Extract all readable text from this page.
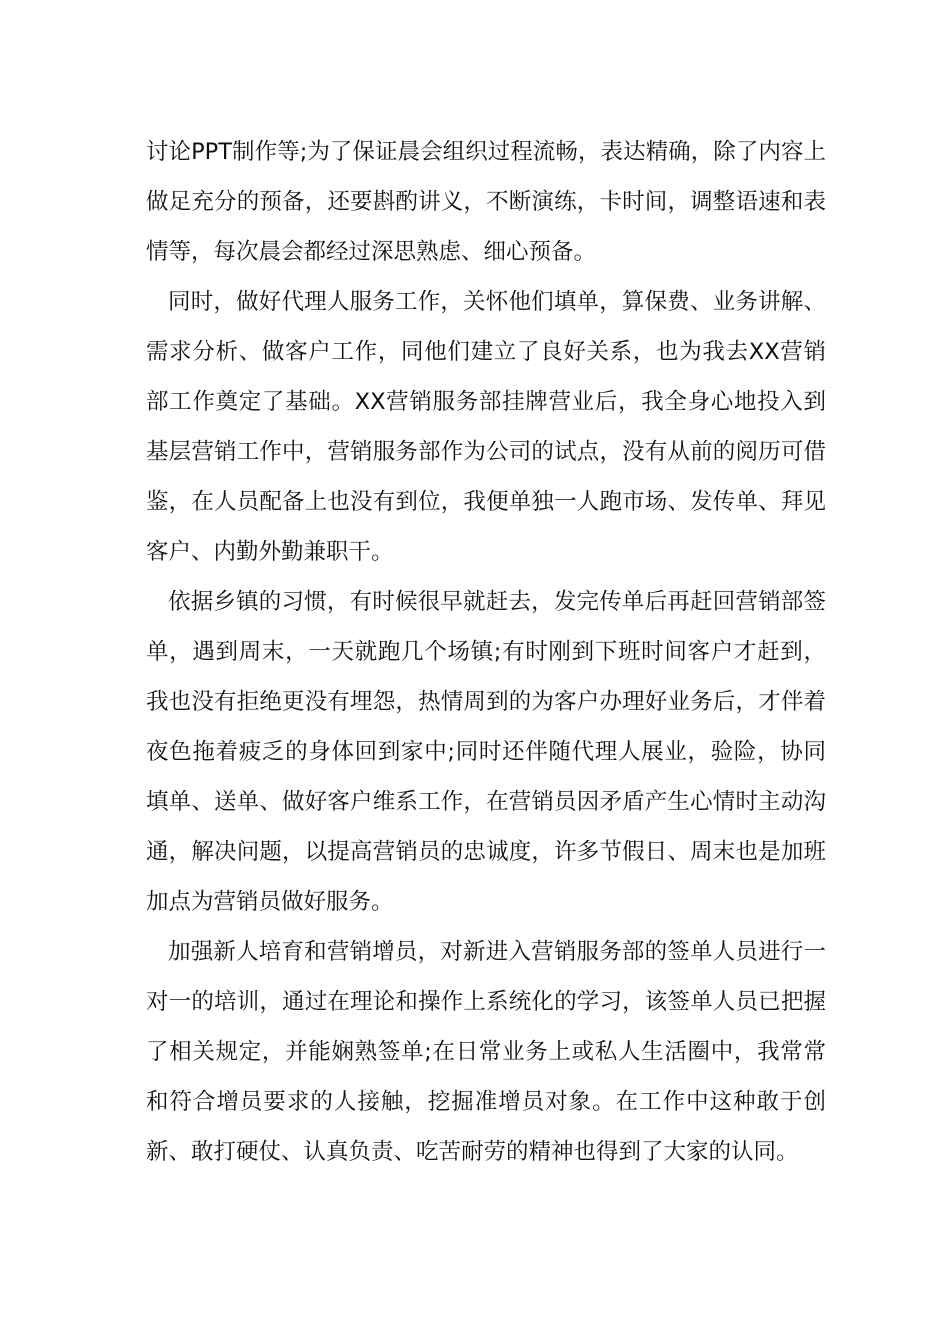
讨论PPT制作等;为了保证晨会组织过程流畅，表达精确，除了内容上做足充分的预备，还要斟酌讲义，不断演练，卡时间，调整语速和表情等，每次晨会都经过深思熟虑、细心预备。

同时，做好代理人服务工作，关怀他们填单，算保费、业务讲解、需求分析、做客户工作，同他们建立了良好关系，也为我去XX营销部工作奠定了基础。XX营销服务部挂牌营业后，我全身心地投入到基层营销工作中，营销服务部作为公司的试点，没有从前的阅历可借鉴，在人员配备上也没有到位，我便单独一人跑市场、发传单、拜见客户、内勤外勤兼职干。

依据乡镇的习惯，有时候很早就赶去，发完传单后再赶回营销部签单，遇到周末，一天就跑几个场镇;有时刚到下班时间客户才赶到，我也没有拒绝更没有埋怨，热情周到的为客户办理好业务后，才伴着夜色拖着疲乏的身体回到家中;同时还伴随代理人展业，验险，协同填单、送单、做好客户维系工作，在营销员因矛盾产生心情时主动沟通，解决问题，以提高营销员的忠诚度，许多节假日、周末也是加班加点为营销员做好服务。

加强新人培育和营销增员，对新进入营销服务部的签单人员进行一对一的培训，通过在理论和操作上系统化的学习，该签单人员已把握了相关规定，并能娴熟签单;在日常业务上或私人生活圈中，我常常和符合增员要求的人接触，挖掘准增员对象。在工作中这种敢于创新、敢打硬仗、认真负责、吃苦耐劳的精神也得到了大家的认同。
